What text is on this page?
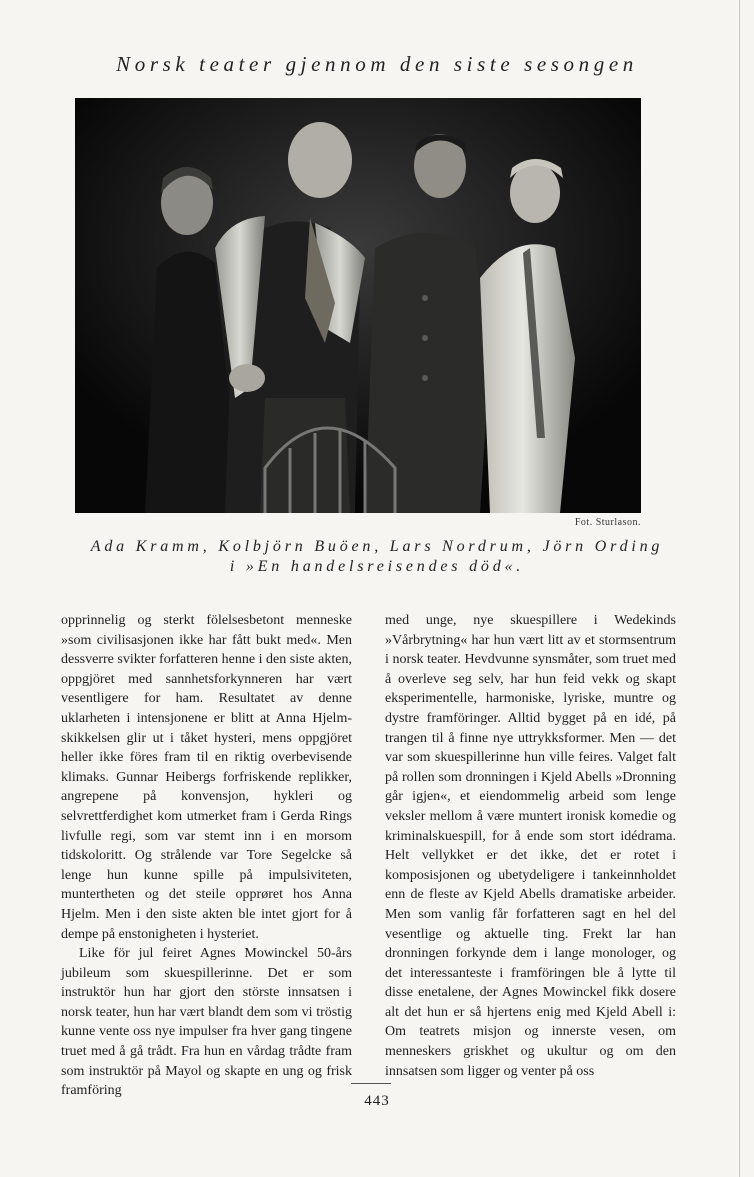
Norsk teater gjennom den siste sesongen
Fot. Sturlason.
Ada Kramm, Kolbjörn Buöen, Lars Nordrum, Jörn Ording
i »En handelsreisendes död«.

opprinnelig og sterkt fölelsesbetont menneske »som civilisasjonen ikke har fått bukt med«. Men dessverre svikter forfatteren henne i den siste akten, oppgjöret med sannhetsforkynneren har vært vesentligere for ham. Resultatet av denne uklarheten i intensjonene er blitt at Anna Hjelm-skikkelsen glir ut i tåket hysteri, mens oppgjöret heller ikke föres fram til en riktig overbevisende klimaks. Gunnar Heibergs forfriskende replikker, angrepene på konvensjon, hykleri og selvrettferdighet kom utmerket fram i Gerda Rings livfulle regi, som var stemt inn i en morsom tidskoloritt. Og strålende var Tore Segelcke så lenge hun kunne spille på impulsiviteten, muntertheten og det steile opprøret hos Anna Hjelm. Men i den siste akten ble intet gjort for å dempe på enstonigheten i hysteriet.

Like för jul feiret Agnes Mowinckel 50-års jubileum som skuespillerinne. Det er som instruktör hun har gjort den störste innsatsen i norsk teater, hun har vært blandt dem som vi tröstig kunne vente oss nye impulser fra hver gang tingene truet med å gå trådt. Fra hun en vårdag trådte fram som instruktör på Mayol og skapte en ung og frisk framföring

med unge, nye skuespillere i Wedekinds »Vårbrytning« har hun vært litt av et stormsentrum i norsk teater. Hevdvunne synsmåter, som truet med å overleve seg selv, har hun feid vekk og skapt eksperimentelle, harmoniske, lyriske, muntre og dystre framföringer. Alltid bygget på en idé, på trangen til å finne nye uttrykksformer. Men — det var som skuespillerinne hun ville feires. Valget falt på rollen som dronningen i Kjeld Abells »Dronning går igjen«, et eiendommelig arbeid som lenge veksler mellom å være muntert ironisk komedie og kriminalskuespill, for å ende som stort idédrama. Helt vellykket er det ikke, det er rotet i komposisjonen og ubetydeligere i tankeinnholdet enn de fleste av Kjeld Abells dramatiske arbeider. Men som vanlig får forfatteren sagt en hel del vesentlige og aktuelle ting. Frekt lar han dronningen forkynde dem i lange monologer, og det interessanteste i framföringen ble å lytte til disse enetalene, der Agnes Mowinckel fikk dosere alt det hun er så hjertens enig med Kjeld Abell i: Om teatrets misjon og innerste vesen, om menneskers griskhet og ukultur og om den innsatsen som ligger og venter på oss

443
